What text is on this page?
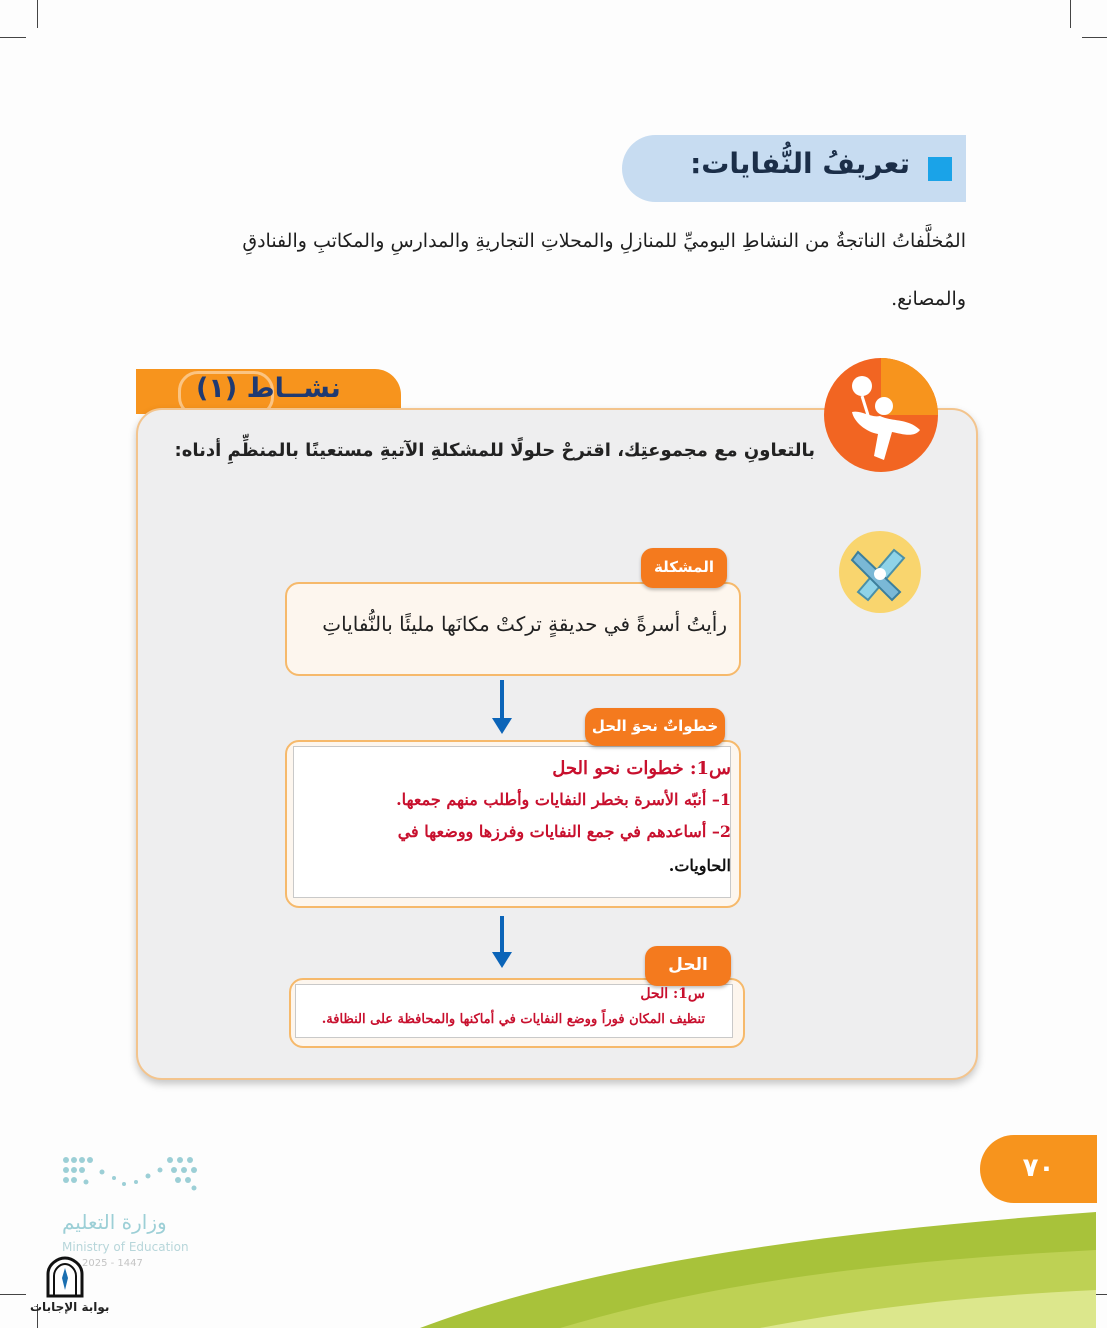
تعريفُ النُّفايات:
المُخلَّفاتُ الناتجةُ من النشاطِ اليوميِّ للمنازلِ والمحلاتِ التجاريةِ والمدارسِ والمكاتبِ والفنادقِ
والمصانع.
نشــاط (١)
بالتعاونِ مع مجموعتِك، اقترحْ حلولًا للمشكلةِ الآتيةِ مستعينًا بالمنظِّمِ أدناه:
المشكلة
رأيتُ أسرةً في حديقةٍ تركتْ مكانَها مليئًا بالنُّفاياتِ
خطواتٌ نحوَ الحل
س1: خطوات نحو الحل
1– أنبّه الأسرة بخطر النفايات وأطلب منهم جمعها.
2– أساعدهم في جمع النفايات وفرزها ووضعها في
الحاويات.
الحل
س1: الحل
تنظيف المكان فوراً ووضع النفايات في أماكنها والمحافظة على النظافة.
٧٠
وزارة التعليم
Ministry of Education
2025 - 1447
بوابة الإجابات
